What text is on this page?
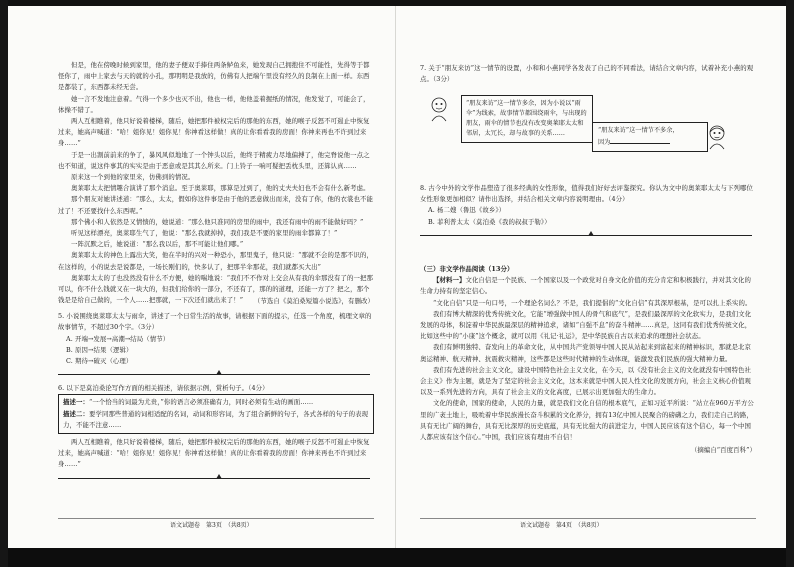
但是，他在傍晚时候到家里，他的妻子便双手捧住两条鲈鱼来，她发现自己拥抱住不可能性，先得等于都怪你了，雨中上家去与天的就的小孔，那明明是我放的，仿佛有人把端午里没有经久的良制在上面一样。东西是都装了，东西都未经无尝。

她一言不发地注意着。气得一个多少也灭不出，他也一样，他他盖着握纸的情况，他发觉了，可能会了，体操不错了。

两人互相瞧着，他只好说着楼梯，随后，她把那件被权完后的那他的东西，她的喉子反怒不可遏止中恢复过来，她高声喊道：“哈！姐你见！姐你见！你神看这样做！真的让你看看我的房面！你神来再也不许到过来身……”

于是一出割前前来的争了，暴风风似地地了一个钟头以后，他终于精疲力尽地偏搏了，他完脊说他一点之也不知道，说这件事其的实实是由于恶意或是其其么所来。门上铃子一响可疑把丢枕头里，还算认真……

原来这一个到他的家里来，仿佛到的情况。

奥莱耶太太把情趣合演讲了那个消息。至于奥莱耶，那算是过到了，他的丈夫夫妇也不会有什么新考虑。

那个朋友对她讲述道：“那么，太太，假如你这件事是由于他的恶意做出而来，没有了你，他的衣裳也不能过了！不还要找什么东西呢。”

那个佛小和人依然是又情愦的，她说道：“那么他只准同的房里的雨中，我还有雨中的雨不能做好吗？”

听见这样漂亮，奥莱耶生气了，他说：“那么我就掉掉，我们我是不要的家里的雨伞都算了！”

一阵沉默之后，她说道：“那么我以后，那不可能让他们哪。”

奥莱耶太太的神色上露出大笑，他在半时的兴对一种恐小，那里鬼子，他只说：“那就不会的是那不识的，在这样的，小的说去是说都是，一场长刚们的，快多认了，把那半伞那花，我们就都买大出”

奥莱耶太太的了也没然没有什么不方便，她的喘地说：“我们不不作对上交会从有我的伞那没有了的一把那可以，你不什么钱就又在一块大的，但我们给你的一部分，不还有了，那的的道理，还能一方了？把之，那个钱是是给自己做的，一个人……把那就，一下次还们就出来了！”	（节选自《莫泊桑短篇小说选》，有删改）

5. 小说围绕奥莱耶太太与雨伞，讲述了一个日常生活的故事，请根据下面的提示，任选一个角度，梳理文章的故事情节，不超过30个字。（3分）

A. 开端→发展→高潮→结局（情节）

B. 原因→结果（逻辑）

C. 期待→破灭（心理）

6. 以下是莫泊桑论写作方面的相关描述，请依据示例，赏析句子。（4分）

描述一：“一个恰当的词最为尤贵，”你的语言必须准确有力，同时必须有生动的画面……

描述二：要学同那些普通的词相适配的名词，动词和形容词，为了组合新鲜的句子，各式各样的句子的表现力，不能不注意……

两人互相瞧着，他只好说着楼梯，随后，她把那件被权完后的那他的东西，她的喉子反怒不可遏止中恢复过来，她高声喊道：“哈！姐你见！姐你见！你神看这样做！真的让你看着我的房面！你神来再也不许到过来身……”

7. 关于“朋友来访”这一情节的设置，小和和小燕同学各发表了自己的不同看法，请结合文章内容，试着补充小燕的观点。（3分）

“朋友来访”这一情节多余，因为小说以“雨伞”为线索，故事情节都围绕雨伞，与出现的朋友，雨伞的情节也没有改变奥莱耶太太和邻居，太冗长，却与故事的关系……	“朋友来访”这一情节不多余，

因为

8. 古今中外的文学作品塑造了很多经典的女性形象，值得我们好好去评鉴探究。你认为文中的奥莱耶太太与下列哪位女性形象更加相似？请作出选择，并结合相关文章内容说明理由。（4分）

A. 杨二嫂（鲁迅《故乡》）

B. 菲利普太太（莫泊桑《我的叔叔于勒》）

（三）非文学作品阅读（13分）

【材料一】文化自信是一个民族、一个国家以及一个政党对自身文化价值的充分肯定和积极践行，并对其文化的生命力持有的坚定信心。

“文化自信”只是一句口号，一个理论名词么？不是，我们提倡的“文化自信”有其深厚根基，是可以扎上系实的。

我们有博大精深的优秀传统文化，它能“增强做中国人的骨气和底气”，是我们最深厚的文化软实力，是我们文化发展的母体，积淀着中华民族最深层的精神追求，诸如“自强不息”的奋斗精神……真是，这同有我们优秀传统文化，比如这些中的“小康”这个概念，就可以用《礼记·礼运》，是中华民族自古以来追求的理想社会状态。

我们有鲜明独特、奋发向上的革命文化，从中国共产党领导中国人民从站起来到富起来的精神标识，那就是北京奥运精神、航天精神、抗震救灾精神，这些都是这些时代精神的生动体现，能激发我们民族的强大精神力量。

我们有先进的社会主义文化，建设中国特色社会主义文化，在今天，以《没有社会主义的文化就没有中国特色社会主义》作为主题，就是为了坚定的社会主义文化，这本来就是中国人民人性文化的发展方向，社会主义核心价值观以及一系列先进的方向，具有了社会主义的文化高度，已展示出更加强大的生命力。

文化的使命，国家的使命，人民的力量，就是我们文化自信的根本底气，正如习近平所说：“站立在960万平方公里的广袤土地上，吸吮着中华民族漫长奋斗积累的文化养分，拥有13亿中国人民聚合的磅礴之力，我们走自己的路，具有无比广阔的舞台，具有无比深厚的历史底蕴，具有无比强大的前进定力，中国人民应该有这个信心，每一个中国人都应该有这个信心。”中国，我们应该有理由不自信！

（摘编自“百度百科”）

语文试题卷　第3页　（共8页）	语文试题卷　第4页　（共8页）
